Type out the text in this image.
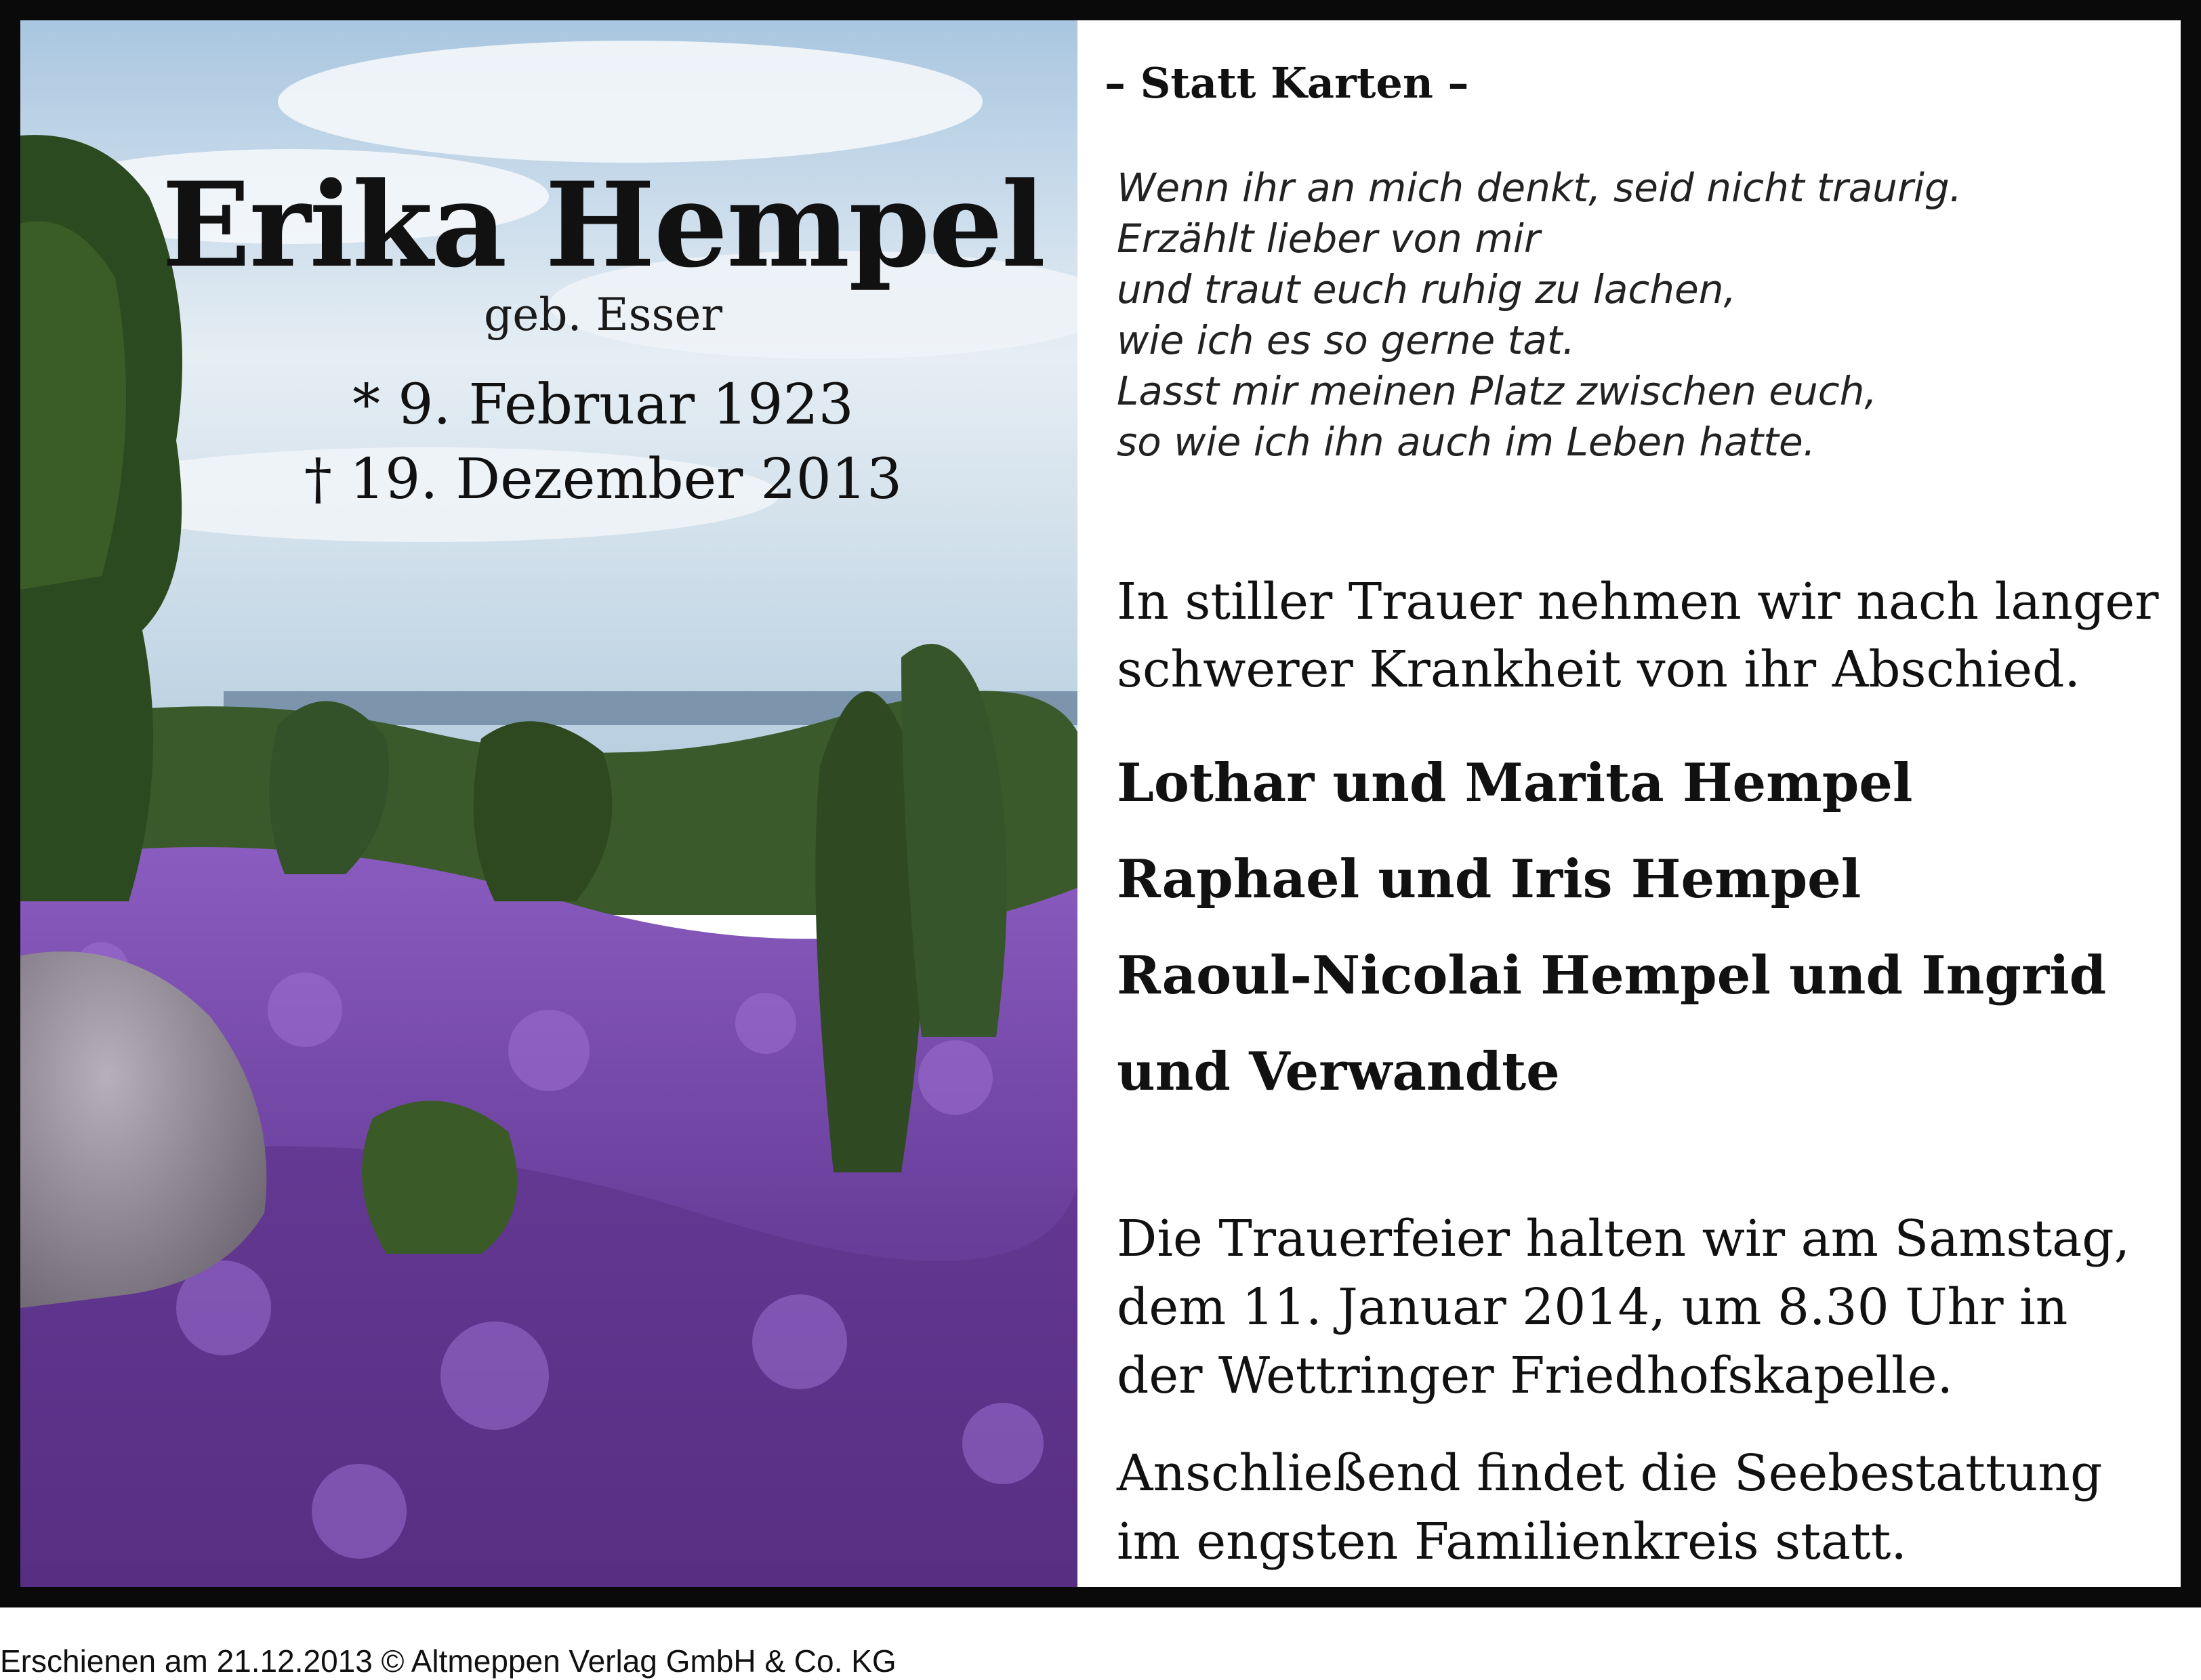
Erika Hempel
geb. Esser
* 9. Februar 1923
† 19. Dezember 2013
– Statt Karten –
Wenn ihr an mich denkt, seid nicht traurig.
Erzählt lieber von mir
und traut euch ruhig zu lachen,
wie ich es so gerne tat.
Lasst mir meinen Platz zwischen euch,
so wie ich ihn auch im Leben hatte.
In stiller Trauer nehmen wir nach langer
schwerer Krankheit von ihr Abschied.
Lothar und Marita Hempel
Raphael und Iris Hempel
Raoul-Nicolai Hempel und Ingrid
und Verwandte
Die Trauerfeier halten wir am Samstag,
dem 11. Januar 2014, um 8.30 Uhr in
der Wettringer Friedhofskapelle.
Anschließend findet die Seebestattung
im engsten Familienkreis statt.
Erschienen am 21.12.2013 © Altmeppen Verlag GmbH & Co. KG
